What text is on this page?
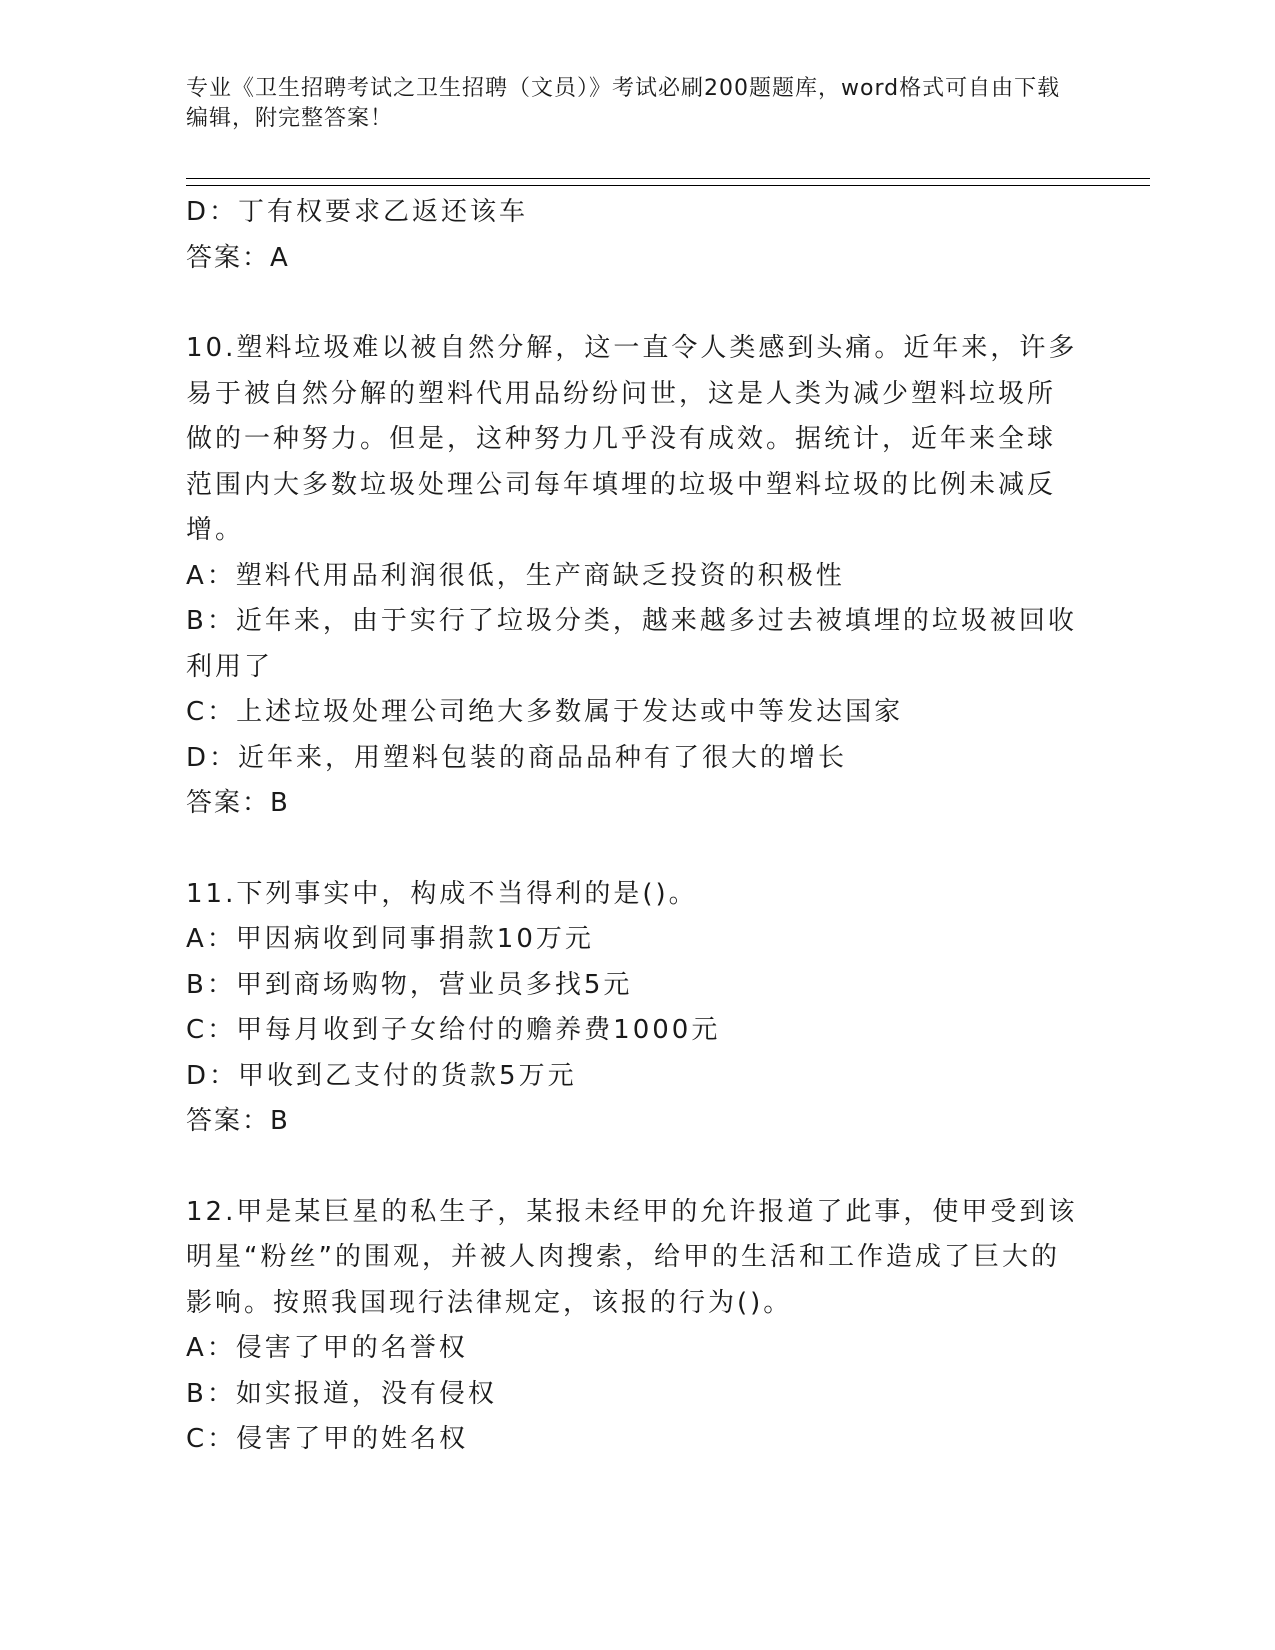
专业《卫生招聘考试之卫生招聘（文员）》考试必刷200题题库，word格式可自由下载编辑，附完整答案！

D：丁有权要求乙返还该车

答案：A

10.塑料垃圾难以被自然分解，这一直令人类感到头痛。近年来，许多易于被自然分解的塑料代用品纷纷问世，这是人类为减少塑料垃圾所做的一种努力。但是，这种努力几乎没有成效。据统计，近年来全球范围内大多数垃圾处理公司每年填埋的垃圾中塑料垃圾的比例未减反增。

A：塑料代用品利润很低，生产商缺乏投资的积极性

B：近年来，由于实行了垃圾分类，越来越多过去被填埋的垃圾被回收利用了

C：上述垃圾处理公司绝大多数属于发达或中等发达国家

D：近年来，用塑料包装的商品品种有了很大的增长

答案：B

11.下列事实中，构成不当得利的是()。

A：甲因病收到同事捐款10万元

B：甲到商场购物，营业员多找5元

C：甲每月收到子女给付的赡养费1000元

D：甲收到乙支付的货款5万元

答案：B

12.甲是某巨星的私生子，某报未经甲的允许报道了此事，使甲受到该明星“粉丝”的围观，并被人肉搜索，给甲的生活和工作造成了巨大的影响。按照我国现行法律规定，该报的行为()。

A：侵害了甲的名誉权

B：如实报道，没有侵权

C：侵害了甲的姓名权
